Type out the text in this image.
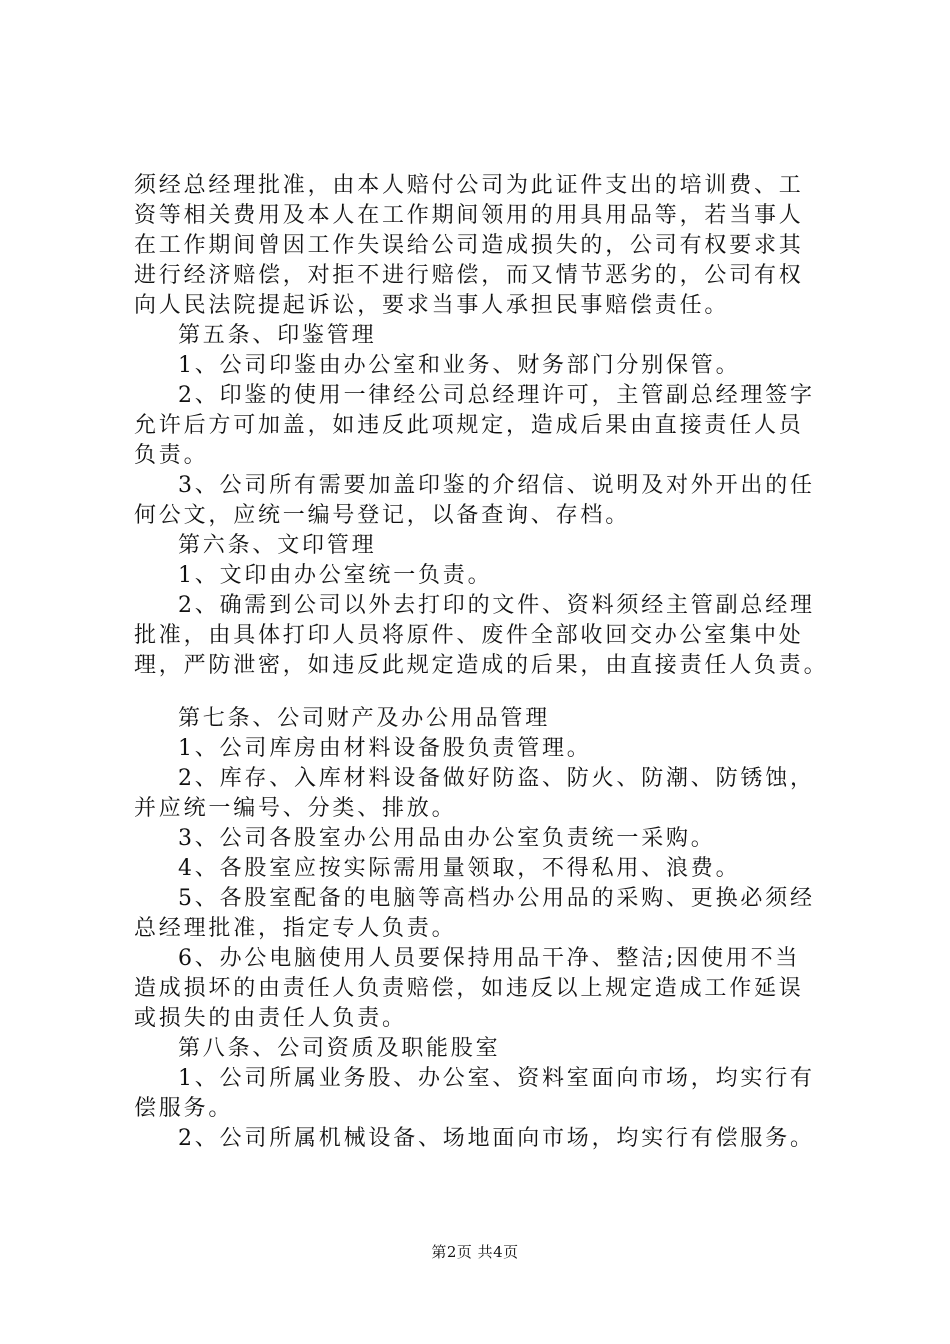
须经总经理批准，由本人赔付公司为此证件支出的培训费、工
资等相关费用及本人在工作期间领用的用具用品等，若当事人
在工作期间曾因工作失误给公司造成损失的，公司有权要求其
进行经济赔偿，对拒不进行赔偿，而又情节恶劣的，公司有权
向人民法院提起诉讼，要求当事人承担民事赔偿责任。
第五条、印鉴管理
1、公司印鉴由办公室和业务、财务部门分别保管。
2、印鉴的使用一律经公司总经理许可，主管副总经理签字
允许后方可加盖，如违反此项规定，造成后果由直接责任人员
负责。
3、公司所有需要加盖印鉴的介绍信、说明及对外开出的任
何公文，应统一编号登记，以备查询、存档。
第六条、文印管理
1、文印由办公室统一负责。
2、确需到公司以外去打印的文件、资料须经主管副总经理
批准，由具体打印人员将原件、废件全部收回交办公室集中处
理，严防泄密，如违反此规定造成的后果，由直接责任人负责。
第七条、公司财产及办公用品管理
1、公司库房由材料设备股负责管理。
2、库存、入库材料设备做好防盗、防火、防潮、防锈蚀，
并应统一编号、分类、排放。
3、公司各股室办公用品由办公室负责统一采购。
4、各股室应按实际需用量领取，不得私用、浪费。
5、各股室配备的电脑等高档办公用品的采购、更换必须经
总经理批准，指定专人负责。
6、办公电脑使用人员要保持用品干净、整洁;因使用不当
造成损坏的由责任人负责赔偿，如违反以上规定造成工作延误
或损失的由责任人负责。
第八条、公司资质及职能股室
1、公司所属业务股、办公室、资料室面向市场，均实行有
偿服务。
2、公司所属机械设备、场地面向市场，均实行有偿服务。
第2页 共4页
